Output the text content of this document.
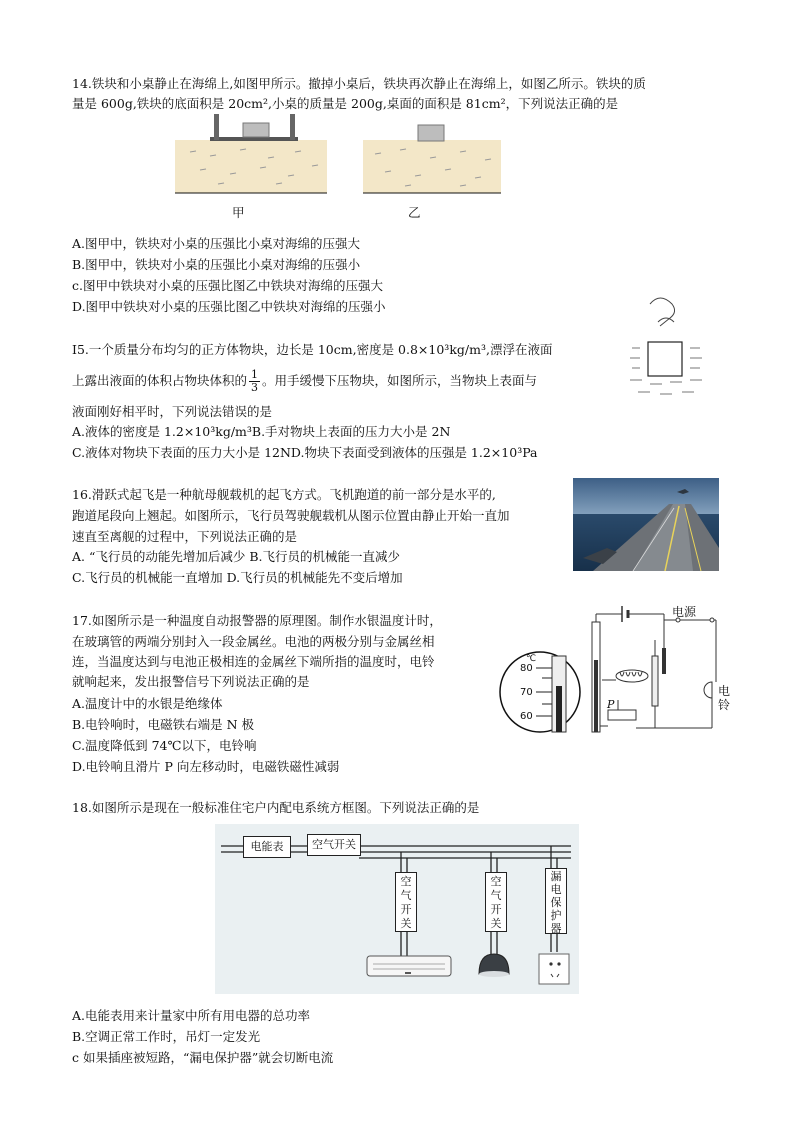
14.铁块和小桌静止在海绵上,如图甲所示。撤掉小桌后，铁块再次静止在海绵上，如图乙所示。铁块的质
量是 600g,铁块的底面积是 20cm²,小桌的质量是 200g,桌面的面积是 81cm²，下列说法正确的是
甲	乙
A.图甲中，铁块对小桌的压强比小桌对海绵的压强大
B.图甲中，铁块对小桌的压强比小桌对海绵的压强小
c.图甲中铁块对小桌的压强比图乙中铁块对海绵的压强大
D.图甲中铁块对小桌的压强比图乙中铁块对海绵的压强小
I5.一个质量分布均匀的正方体物块，边长是 10cm,密度是 0.8×10³kg/m³,漂浮在液面
上露出液面的体积占物块体积的 $\frac{1}{3}$ 。用手缓慢下压物块，如图所示，当物块上表面与
液面刚好相平时，下列说法错误的是
A.液体的密度是 1.2×10³kg/m³B.手对物块上表面的压力大小是 2N
C.液体对物块下表面的压力大小是 12ND.物块下表面受到液体的压强是 1.2×10³Pa
16.滑跃式起飞是一种航母舰载机的起飞方式。飞机跑道的前一部分是水平的,
跑道尾段向上翘起。如图所示，飞行员驾驶舰载机从图示位置由静止开始一直加
速直至离舰的过程中，下列说法正确的是
A. “飞行员的动能先增加后减少 B.飞行员的机械能一直减少
C.飞行员的机械能一直增加 D.飞行员的机械能先不变后增加
17.如图所示是一种温度自动报警器的原理图。制作水银温度计时，
在玻璃管的两端分别封入一段金属丝。电池的两极分别与金属丝相
连，当温度达到与电池正极相连的金属丝下端所指的温度时，电铃
就响起来，发出报警信号下列说法正确的是
A.温度计中的水银是绝缘体
B.电铃响时，电磁铁右端是 N 极
C.温度降低到 74℃以下，电铃响
D.电铃响且滑片 P 向左移动时，电磁铁磁性减弱
℃
80
70
60
P
电源
电铃
18.如图所示是现在一般标准住宅户内配电系统方框图。下列说法正确的是
电能表	空气开关
空气开关
空气开关
漏电保护器
A.电能表用来计量家中所有用电器的总功率
B.空调正常工作时，吊灯一定发光
c 如果插座被短路，“漏电保护器”就会切断电流
